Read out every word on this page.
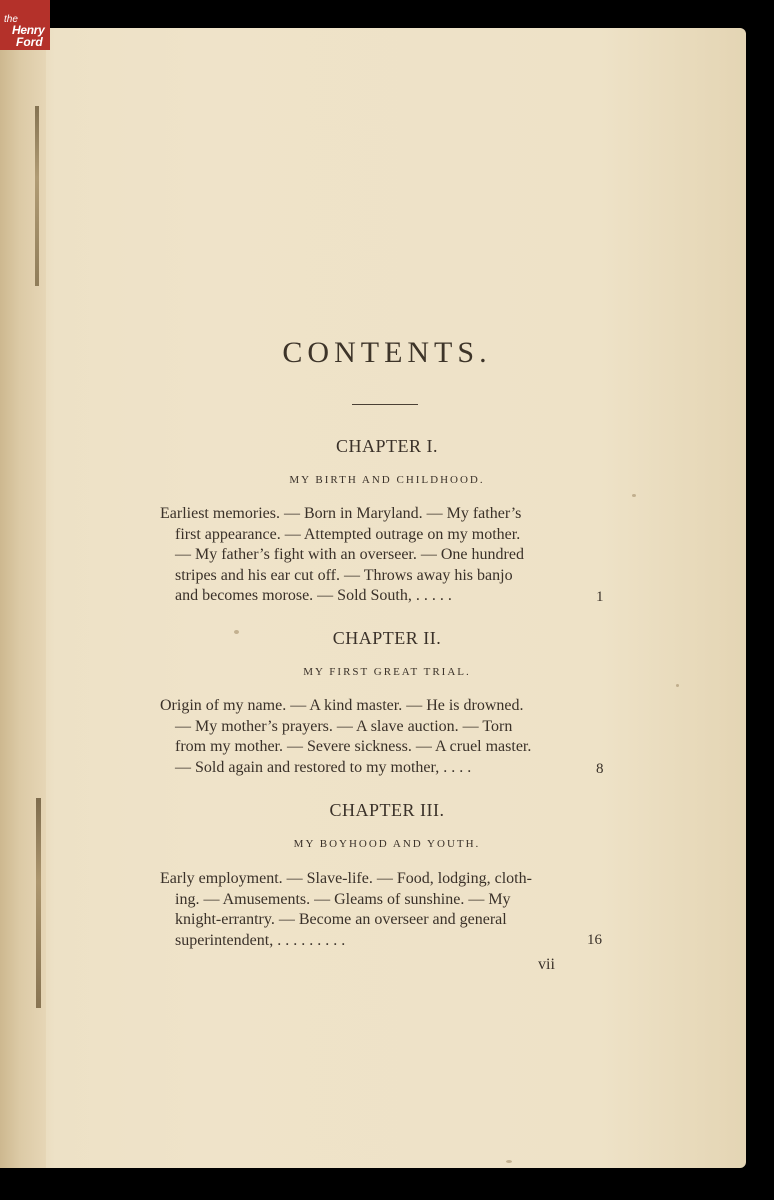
the
Henry
Ford
CONTENTS.
CHAPTER I.
MY BIRTH AND CHILDHOOD.
Earliest memories. — Born in Maryland. — My father’s
first appearance. — Attempted outrage on my mother.
— My father’s fight with an overseer. — One hundred
stripes and his ear cut off. — Throws away his banjo
and becomes morose. — Sold South, . . . . .	1
CHAPTER II.
MY FIRST GREAT TRIAL.
Origin of my name. — A kind master. — He is drowned.
— My mother’s prayers. — A slave auction. — Torn
from my mother. — Severe sickness. — A cruel master.
— Sold again and restored to my mother, . . . .	8
CHAPTER III.
MY BOYHOOD AND YOUTH.
Early employment. — Slave-life. — Food, lodging, cloth-
ing. — Amusements. — Gleams of sunshine. — My
knight-errantry. — Become an overseer and general
superintendent, . . . . . . . . .	16
vii
